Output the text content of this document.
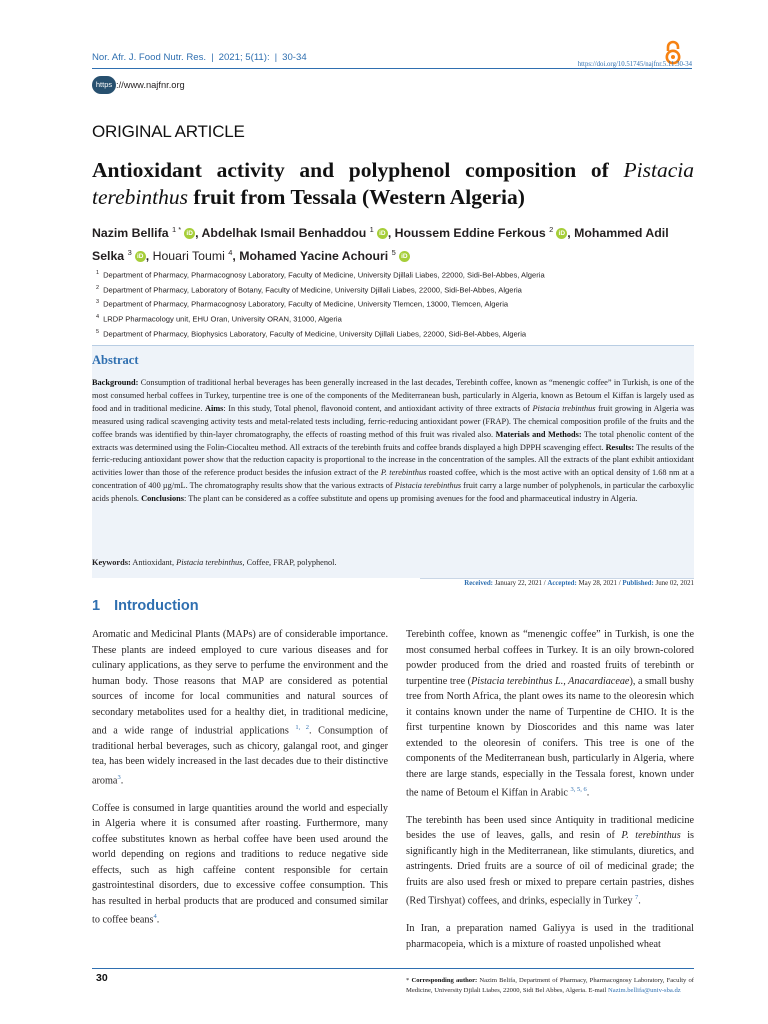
Nor. Afr. J. Food Nutr. Res. | 2021; 5(11): | 30-34
https://doi.org/10.51745/najfnr.5.11.30-34
https ://www.najfnr.org
ORIGINAL ARTICLE
Antioxidant activity and polyphenol composition of Pistacia terebinthus fruit from Tessala (Western Algeria)
Nazim Bellifa $^{1 *}$ iD , Abdelhak Ismail Benhaddou $^1$ iD , Houssem Eddine Ferkous $^2$ iD , Mohammed Adil Selka $^3$ iD , Houari Toumi $^4$, Mohamed Yacine Achouri $^5$ iD
$^1$ Department of Pharmacy, Pharmacognosy Laboratory, Faculty of Medicine, University Djillali Liabes, 22000, Sidi-Bel-Abbes, Algeria
$^2$ Department of Pharmacy, Laboratory of Botany, Faculty of Medicine, University Djillali Liabes, 22000, Sidi-Bel-Abbes, Algeria
$^3$ Department of Pharmacy, Pharmacognosy Laboratory, Faculty of Medicine, University Tlemcen, 13000, Tlemcen, Algeria
$^4$ LRDP Pharmacology unit, EHU Oran, University ORAN, 31000, Algeria
$^5$ Department of Pharmacy, Biophysics Laboratory, Faculty of Medicine, University Djillali Liabes, 22000, Sidi-Bel-Abbes, Algeria
Abstract
Background: Consumption of traditional herbal beverages has been generally increased in the last decades, Terebinth coffee, known as “menengic coffee” in Turkish, is one of the most consumed herbal coffees in Turkey, turpentine tree is one of the components of the Mediterranean bush, particularly in Algeria, known as Betoum el Kiffan is largely used as food and in traditional medicine. Aims: In this study, Total phenol, flavonoid content, and antioxidant activity of three extracts of Pistacia trebinthus fruit growing in Algeria was measured using radical scavenging activity tests and metal-related tests including, ferric-reducing antioxidant power (FRAP). The chemical composition profile of the fruits and the coffee brands was identified by thin-layer chromatography, the effects of roasting method of this fruit was rivaled also. Materials and Methods: The total phenolic content of the extracts was determined using the Folin-Ciocalteu method. All extracts of the terebinth fruits and coffee brands displayed a high DPPH scavenging effect. Results: The results of the ferric-reducing antioxidant power show that the reduction capacity is proportional to the increase in the concentration of the samples. All the extracts of the plant exhibit antioxidant activities lower than those of the reference product besides the infusion extract of the P. terebinthus roasted coffee, which is the most active with an optical density of 1.68 nm at a concentration of 400 µg/mL. The chromatography results show that the various extracts of Pistacia terebinthus fruit carry a large number of polyphenols, in particular the carboxylic acids phenols. Conclusions: The plant can be considered as a coffee substitute and opens up promising avenues for the food and pharmaceutical industry in Algeria.
Keywords: Antioxidant, Pistacia terebinthus, Coffee, FRAP, polyphenol.
Received: January 22, 2021 / Accepted: May 28, 2021 / Published: June 02, 2021
1 Introduction

Aromatic and Medicinal Plants (MAPs) are of considerable importance. These plants are indeed employed to cure various diseases and for culinary applications, as they serve to perfume the environment and the human body. Those reasons that MAP are considered as potential sources of income for local communities and natural sources of secondary metabolites used for a healthy diet, in traditional medicine, and a wide range of industrial applications $^{1, 2}$. Consumption of traditional herbal beverages, such as chicory, galangal root, and ginger tea, has been widely increased in the last decades due to their distinctive aroma$^3$.

Coffee is consumed in large quantities around the world and especially in Algeria where it is consumed after roasting. Furthermore, many coffee substitutes known as herbal coffee have been used around the world depending on regions and traditions to reduce negative side effects, such as high caffeine content responsible for certain gastrointestinal disorders, due to excessive coffee consumption. This has resulted in herbal products that are produced and consumed similar to coffee beans$^4$.

Terebinth coffee, known as “menengic coffee” in Turkish, is one the most consumed herbal coffees in Turkey. It is an oily brown-colored powder produced from the dried and roasted fruits of terebinth or turpentine tree (Pistacia terebinthus L., Anacardiaceae), a small bushy tree from North Africa, the plant owes its name to the oleoresin which it contains known under the name of Turpentine de CHIO. It is the first turpentine known by Dioscorides and this name was later extended to the oleoresin of conifers. This tree is one of the components of the Mediterranean bush, particularly in Algeria, where there are large stands, especially in the Tessala forest, known under the name of Betoum el Kiffan in Arabic $^{3, 5, 6}$.

The terebinth has been used since Antiquity in traditional medicine besides the use of leaves, galls, and resin of P. terebinthus is significantly high in the Mediterranean, like stimulants, diuretics, and astringents. Dried fruits are a source of oil of medicinal grade; the fruits are also used fresh or mixed to prepare certain pastries, dishes (Red Tirshyat) coffees, and drinks, especially in Turkey $^7$.

In Iran, a preparation named Galiyya is used in the traditional pharmacopeia, which is a mixture of roasted unpolished wheat

30	* Corresponding author: Nazim Belifa, Department of Pharmacy, Pharmacognosy Laboratory, Faculty of Medicine, University Djilali Liabes, 22000, Sidi Bel Abbes, Algeria. E-mail Nazim.bellifa@univ-sba.dz
